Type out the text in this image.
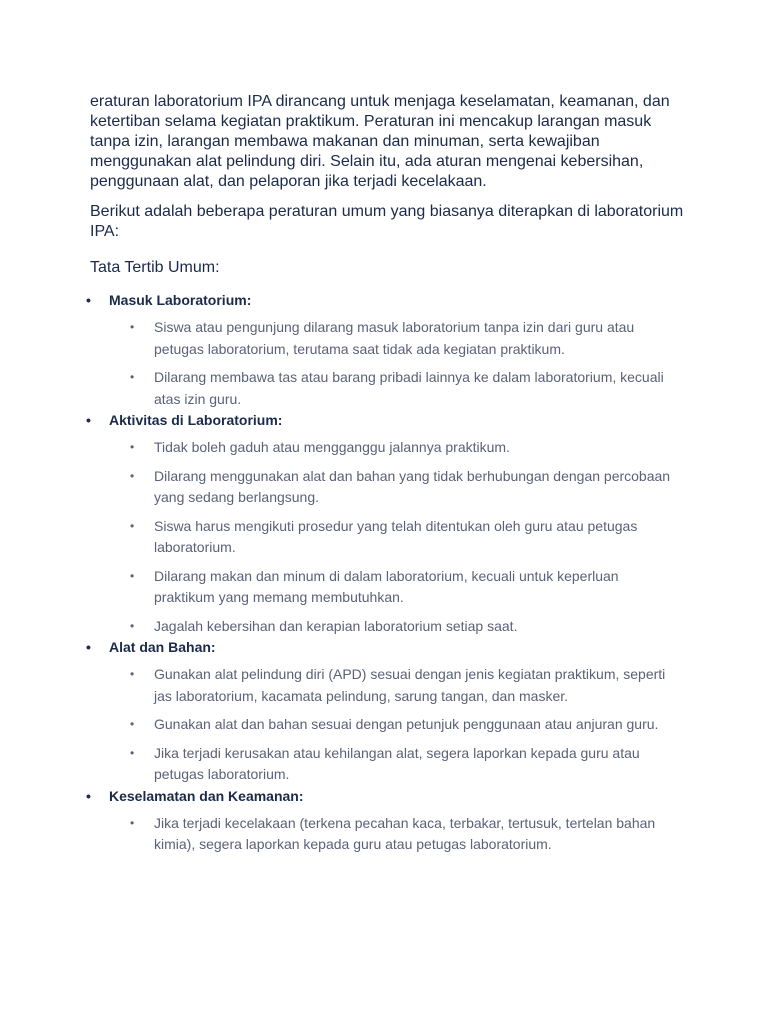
eraturan laboratorium IPA dirancang untuk menjaga keselamatan, keamanan, dan ketertiban selama kegiatan praktikum. Peraturan ini mencakup larangan masuk tanpa izin, larangan membawa makanan dan minuman, serta kewajiban menggunakan alat pelindung diri. Selain itu, ada aturan mengenai kebersihan, penggunaan alat, dan pelaporan jika terjadi kecelakaan.

Berikut adalah beberapa peraturan umum yang biasanya diterapkan di laboratorium IPA:

Tata Tertib Umum:

• Masuk Laboratorium:
• Siswa atau pengunjung dilarang masuk laboratorium tanpa izin dari guru atau petugas laboratorium, terutama saat tidak ada kegiatan praktikum.
• Dilarang membawa tas atau barang pribadi lainnya ke dalam laboratorium, kecuali atas izin guru.
• Aktivitas di Laboratorium:
• Tidak boleh gaduh atau mengganggu jalannya praktikum.
• Dilarang menggunakan alat dan bahan yang tidak berhubungan dengan percobaan yang sedang berlangsung.
• Siswa harus mengikuti prosedur yang telah ditentukan oleh guru atau petugas laboratorium.
• Dilarang makan dan minum di dalam laboratorium, kecuali untuk keperluan praktikum yang memang membutuhkan.
• Jagalah kebersihan dan kerapian laboratorium setiap saat.
• Alat dan Bahan:
• Gunakan alat pelindung diri (APD) sesuai dengan jenis kegiatan praktikum, seperti jas laboratorium, kacamata pelindung, sarung tangan, dan masker.
• Gunakan alat dan bahan sesuai dengan petunjuk penggunaan atau anjuran guru.
• Jika terjadi kerusakan atau kehilangan alat, segera laporkan kepada guru atau petugas laboratorium.
• Keselamatan dan Keamanan:
• Jika terjadi kecelakaan (terkena pecahan kaca, terbakar, tertusuk, tertelan bahan kimia), segera laporkan kepada guru atau petugas laboratorium.
